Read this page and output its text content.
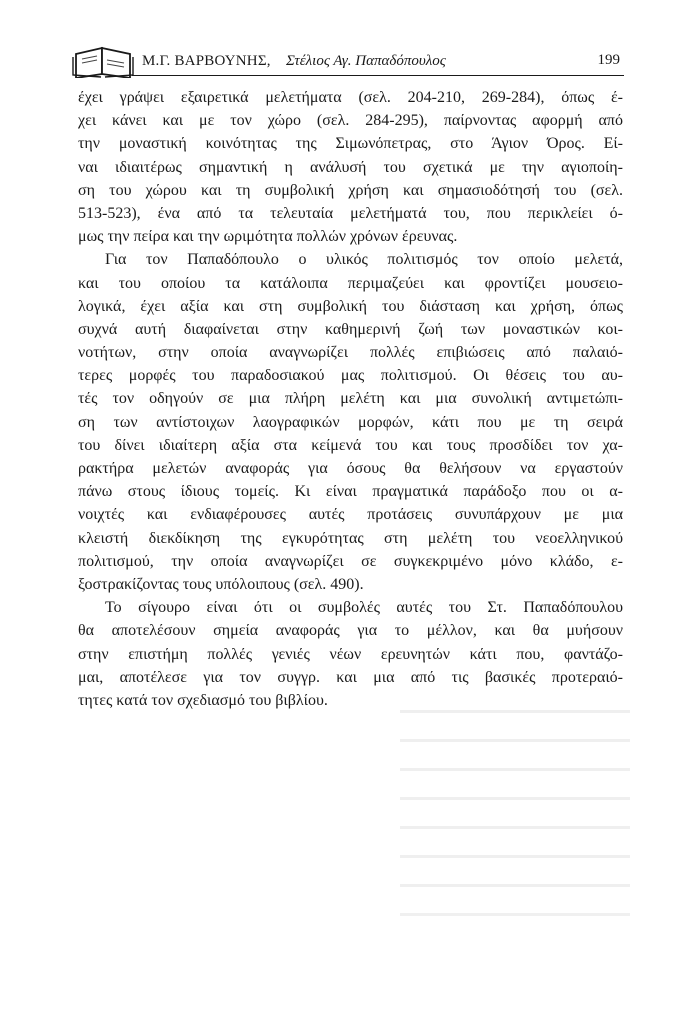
Μ.Γ. ΒΑΡΒΟΥΝΗΣ, Στέλιος Αγ. Παπαδόπουλος	199
έχει γράψει εξαιρετικά μελετήματα (σελ. 204-210, 269-284), όπως έ-
χει κάνει και με τον χώρο (σελ. 284-295), παίρνοντας αφορμή από
την μοναστική κοινότητας της Σιμωνόπετρας, στο Άγιον Όρος. Εί-
ναι ιδιαιτέρως σημαντική η ανάλυσή του σχετικά με την αγιοποίη-
ση του χώρου και τη συμβολική χρήση και σημασιοδότησή του (σελ.
513-523), ένα από τα τελευταία μελετήματά του, που περικλείει ό-
μως την πείρα και την ωριμότητα πολλών χρόνων έρευνας.
Για τον Παπαδόπουλο ο υλικός πολιτισμός τον οποίο μελετά,
και του οποίου τα κατάλοιπα περιμαζεύει και φροντίζει μουσειο-
λογικά, έχει αξία και στη συμβολική του διάσταση και χρήση, όπως
συχνά αυτή διαφαίνεται στην καθημερινή ζωή των μοναστικών κοι-
νοτήτων, στην οποία αναγνωρίζει πολλές επιβιώσεις από παλαιό-
τερες μορφές του παραδοσιακού μας πολιτισμού. Οι θέσεις του αυ-
τές τον οδηγούν σε μια πλήρη μελέτη και μια συνολική αντιμετώπι-
ση των αντίστοιχων λαογραφικών μορφών, κάτι που με τη σειρά
του δίνει ιδιαίτερη αξία στα κείμενά του και τους προσδίδει τον χα-
ρακτήρα μελετών αναφοράς για όσους θα θελήσουν να εργαστούν
πάνω στους ίδιους τομείς. Κι είναι πραγματικά παράδοξο που οι α-
νοιχτές και ενδιαφέρουσες αυτές προτάσεις συνυπάρχουν με μια
κλειστή διεκδίκηση της εγκυρότητας στη μελέτη του νεοελληνικού
πολιτισμού, την οποία αναγνωρίζει σε συγκεκριμένο μόνο κλάδο, ε-
ξοστρακίζοντας τους υπόλοιπους (σελ. 490).
Το σίγουρο είναι ότι οι συμβολές αυτές του Στ. Παπαδόπουλου
θα αποτελέσουν σημεία αναφοράς για το μέλλον, και θα μυήσουν
στην επιστήμη πολλές γενιές νέων ερευνητών κάτι που, φαντάζο-
μαι, αποτέλεσε για τον συγγρ. και μια από τις βασικές προτεραιό-
τητες κατά τον σχεδιασμό του βιβλίου.
